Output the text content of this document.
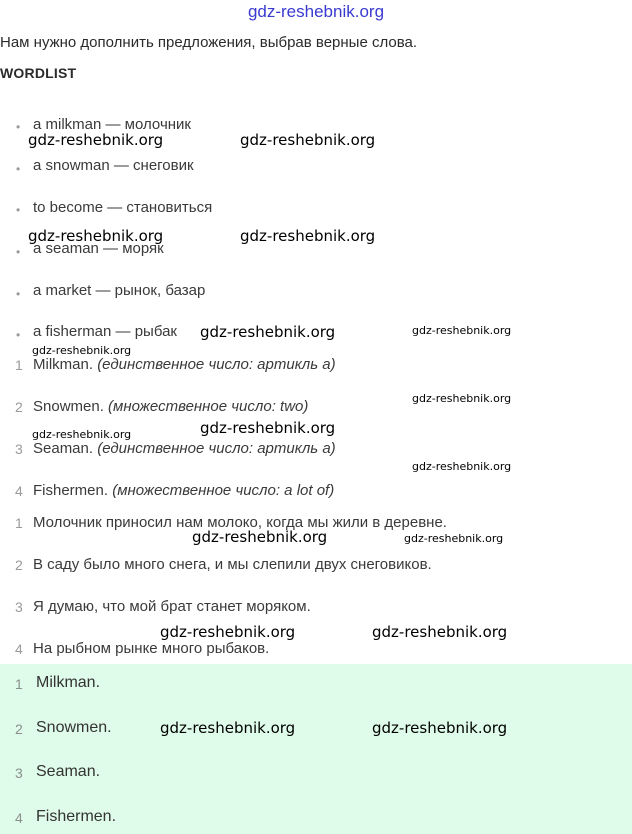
gdz-reshebnik.org
Нам нужно дополнить предложения, выбрав верные слова.
WORDLIST
• a milkman — молочник
• a snowman — снеговик
• to become — становиться
• a seaman — моряк
• a market — рынок, базар
• a fisherman — рыбак
1 Milkman. (единственное число: артикль a)
2 Snowmen. (множественное число: two)
3 Seaman. (единственное число: артикль a)
4 Fishermen. (множественное число: a lot of)
1 Молочник приносил нам молоко, когда мы жили в деревне.
2 В саду было много снега, и мы слепили двух снеговиков.
3 Я думаю, что мой брат станет моряком.
4 На рыбном рынке много рыбаков.
1 Milkman.
2 Snowmen.
3 Seaman.
4 Fishermen.
gdz-reshebnik.org	gdz-reshebnik.org
gdz-reshebnik.org	gdz-reshebnik.org
gdz-reshebnik.org	gdz-reshebnik.org
gdz-reshebnik.org
gdz-reshebnik.org
gdz-reshebnik.org
gdz-reshebnik.org
gdz-reshebnik.org
gdz-reshebnik.org	gdz-reshebnik.org
gdz-reshebnik.org	gdz-reshebnik.org
gdz-reshebnik.org	gdz-reshebnik.org
